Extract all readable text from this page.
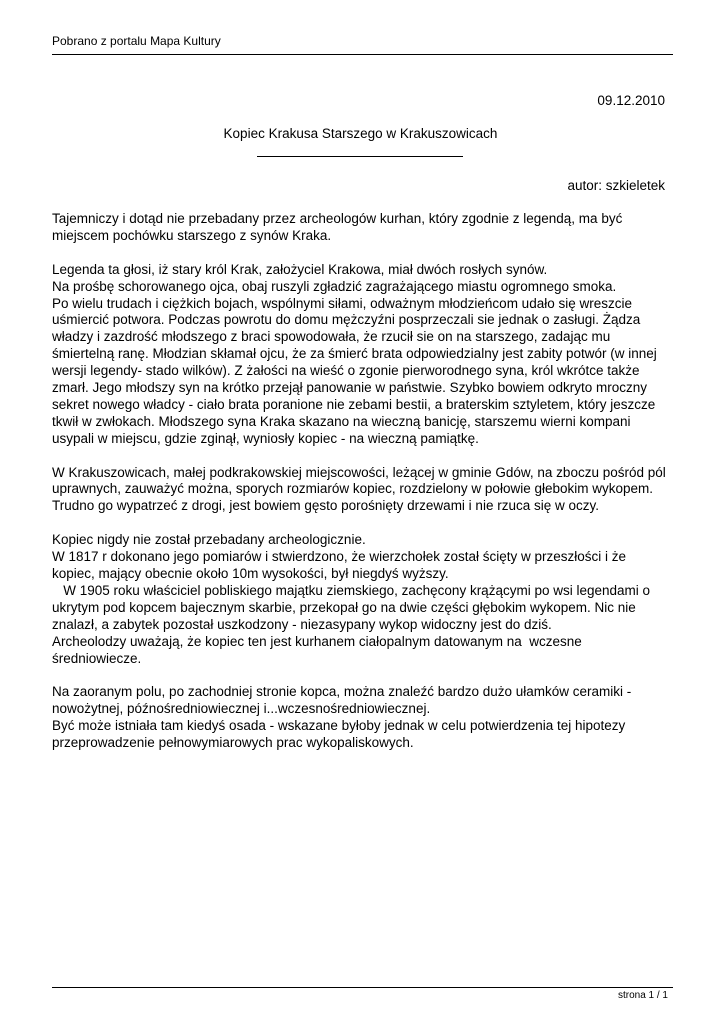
Pobrano z portalu Mapa Kultury
09.12.2010
Kopiec Krakusa Starszego w Krakuszowicach
autor: szkieletek

Tajemniczy i dotąd nie przebadany przez archeologów kurhan, który zgodnie z legendą, ma być
miejscem pochówku starszego z synów Kraka.

Legenda ta głosi, iż stary król Krak, założyciel Krakowa, miał dwóch rosłych synów.
Na prośbę schorowanego ojca, obaj ruszyli zgładzić zagrażającego miastu ogromnego smoka.
Po wielu trudach i ciężkich bojach, wspólnymi siłami, odważnym młodzieńcom udało się wreszcie
uśmiercić potwora. Podczas powrotu do domu mężczyźni posprzeczali sie jednak o zasługi. Żądza
władzy i zazdrość młodszego z braci spowodowała, że rzucił sie on na starszego, zadając mu
śmiertelną ranę. Młodzian skłamał ojcu, że za śmierć brata odpowiedzialny jest zabity potwór (w innej
wersji legendy- stado wilków). Z żałości na wieść o zgonie pierworodnego syna, król wkrótce także
zmarł. Jego młodszy syn na krótko przejął panowanie w państwie. Szybko bowiem odkryto mroczny
sekret nowego władcy - ciało brata poranione nie zebami bestii, a braterskim sztyletem, który jeszcze
tkwił w zwłokach. Młodszego syna Kraka skazano na wieczną banicję, starszemu wierni kompani
usypali w miejscu, gdzie zginął, wyniosły kopiec - na wieczną pamiątkę.

W Krakuszowicach, małej podkrakowskiej miejscowości, leżącej w gminie Gdów, na zboczu pośród pól
uprawnych, zauważyć można, sporych rozmiarów kopiec, rozdzielony w połowie głebokim wykopem.
Trudno go wypatrzeć z drogi, jest bowiem gęsto porośnięty drzewami i nie rzuca się w oczy.

Kopiec nigdy nie został przebadany archeologicznie.
W 1817 r dokonano jego pomiarów i stwierdzono, że wierzchołek został ścięty w przeszłości i że
kopiec, mający obecnie około 10m wysokości, był niegdyś wyższy.
W 1905 roku właściciel pobliskiego majątku ziemskiego, zachęcony krążącymi po wsi legendami o
ukrytym pod kopcem bajecznym skarbie, przekopał go na dwie części głębokim wykopem. Nic nie
znalazł, a zabytek pozostał uszkodzony - niezasypany wykop widoczny jest do dziś.
Archeolodzy uważają, że kopiec ten jest kurhanem ciałopalnym datowanym na  wczesne
średniowiecze.

Na zaoranym polu, po zachodniej stronie kopca, można znaleźć bardzo dużo ułamków ceramiki -
nowożytnej, późnośredniowiecznej i...wczesnośredniowiecznej.
Być może istniała tam kiedyś osada - wskazane byłoby jednak w celu potwierdzenia tej hipotezy
przeprowadzenie pełnowymiarowych prac wykopaliskowych.

strona 1 / 1
